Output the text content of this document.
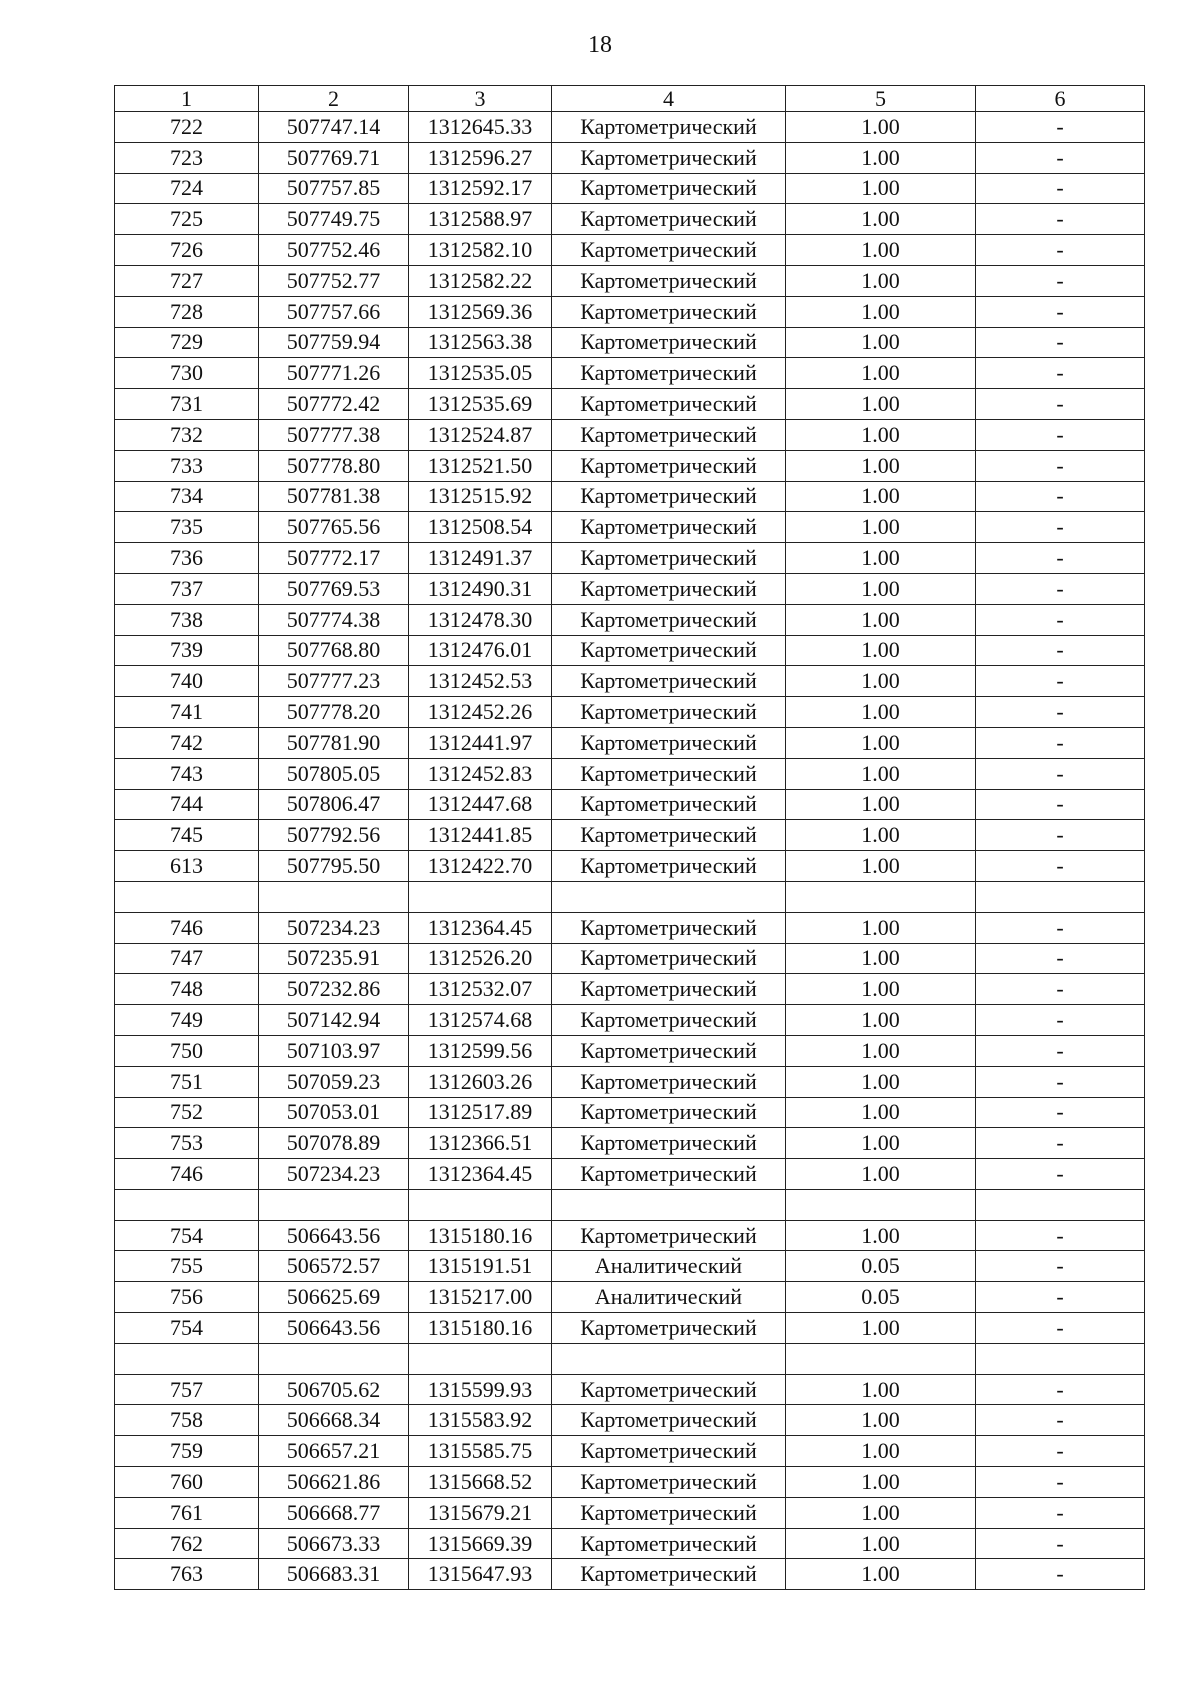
18
1	2	3	4	5	6
722	507747.14	1312645.33	Картометрический	1.00	-
723	507769.71	1312596.27	Картометрический	1.00	-
724	507757.85	1312592.17	Картометрический	1.00	-
725	507749.75	1312588.97	Картометрический	1.00	-
726	507752.46	1312582.10	Картометрический	1.00	-
727	507752.77	1312582.22	Картометрический	1.00	-
728	507757.66	1312569.36	Картометрический	1.00	-
729	507759.94	1312563.38	Картометрический	1.00	-
730	507771.26	1312535.05	Картометрический	1.00	-
731	507772.42	1312535.69	Картометрический	1.00	-
732	507777.38	1312524.87	Картометрический	1.00	-
733	507778.80	1312521.50	Картометрический	1.00	-
734	507781.38	1312515.92	Картометрический	1.00	-
735	507765.56	1312508.54	Картометрический	1.00	-
736	507772.17	1312491.37	Картометрический	1.00	-
737	507769.53	1312490.31	Картометрический	1.00	-
738	507774.38	1312478.30	Картометрический	1.00	-
739	507768.80	1312476.01	Картометрический	1.00	-
740	507777.23	1312452.53	Картометрический	1.00	-
741	507778.20	1312452.26	Картометрический	1.00	-
742	507781.90	1312441.97	Картометрический	1.00	-
743	507805.05	1312452.83	Картометрический	1.00	-
744	507806.47	1312447.68	Картометрический	1.00	-
745	507792.56	1312441.85	Картометрический	1.00	-
613	507795.50	1312422.70	Картометрический	1.00	-

746	507234.23	1312364.45	Картометрический	1.00	-
747	507235.91	1312526.20	Картометрический	1.00	-
748	507232.86	1312532.07	Картометрический	1.00	-
749	507142.94	1312574.68	Картометрический	1.00	-
750	507103.97	1312599.56	Картометрический	1.00	-
751	507059.23	1312603.26	Картометрический	1.00	-
752	507053.01	1312517.89	Картометрический	1.00	-
753	507078.89	1312366.51	Картометрический	1.00	-
746	507234.23	1312364.45	Картометрический	1.00	-

754	506643.56	1315180.16	Картометрический	1.00	-
755	506572.57	1315191.51	Аналитический	0.05	-
756	506625.69	1315217.00	Аналитический	0.05	-
754	506643.56	1315180.16	Картометрический	1.00	-

757	506705.62	1315599.93	Картометрический	1.00	-
758	506668.34	1315583.92	Картометрический	1.00	-
759	506657.21	1315585.75	Картометрический	1.00	-
760	506621.86	1315668.52	Картометрический	1.00	-
761	506668.77	1315679.21	Картометрический	1.00	-
762	506673.33	1315669.39	Картометрический	1.00	-
763	506683.31	1315647.93	Картометрический	1.00	-
